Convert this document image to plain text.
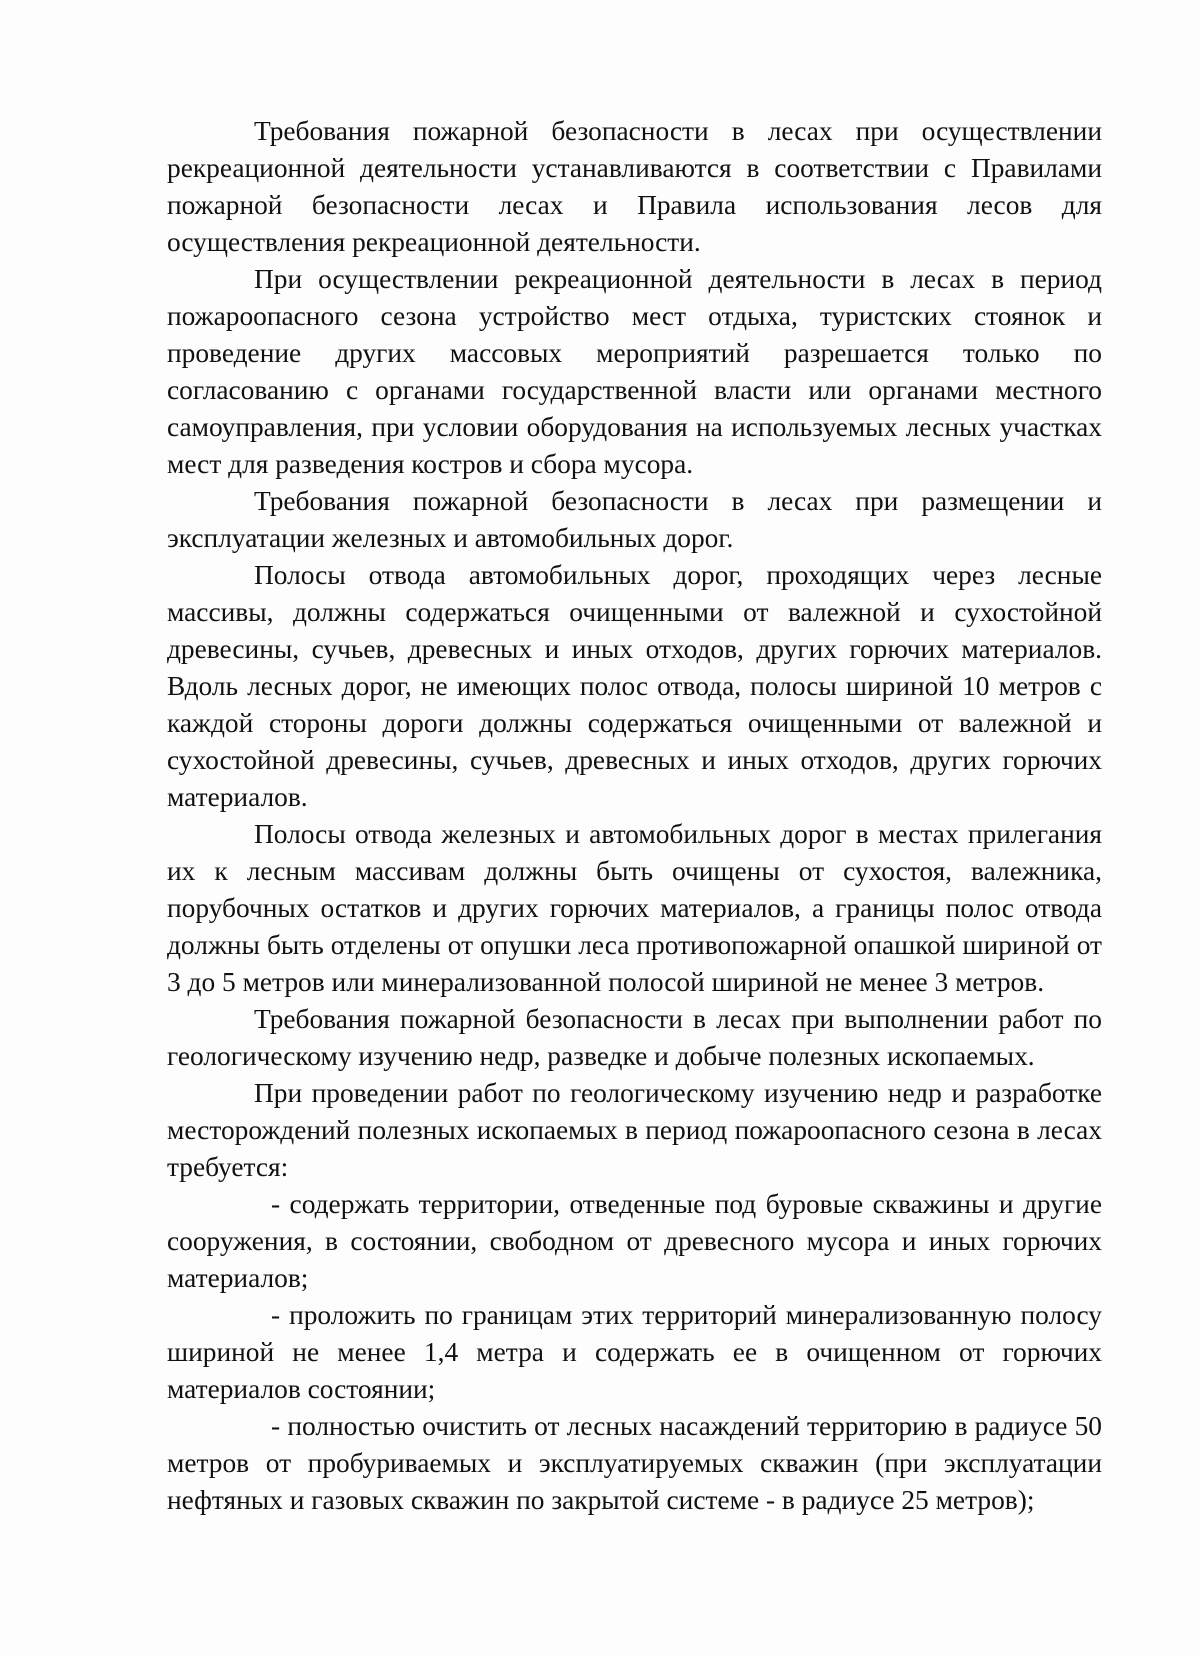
Требования пожарной безопасности в лесах при осуществлении рекреационной деятельности устанавливаются в соответствии с Правилами пожарной безопасности лесах и Правила использования лесов для осуществления рекреационной деятельности.

При осуществлении рекреационной деятельности в лесах в период пожароопасного сезона устройство мест отдыха, туристских стоянок и проведение других массовых мероприятий разрешается только по согласованию с органами государственной власти или органами местного самоуправления, при условии оборудования на используемых лесных участках мест для разведения костров и сбора мусора.

Требования пожарной безопасности в лесах при размещении и эксплуатации железных и автомобильных дорог.

Полосы отвода автомобильных дорог, проходящих через лесные массивы, должны содержаться очищенными от валежной и сухостойной древесины, сучьев, древесных и иных отходов, других горючих материалов. Вдоль лесных дорог, не имеющих полос отвода, полосы шириной 10 метров с каждой стороны дороги должны содержаться очищенными от валежной и сухостойной древесины, сучьев, древесных и иных отходов, других горючих материалов.

Полосы отвода железных и автомобильных дорог в местах прилегания их к лесным массивам должны быть очищены от сухостоя, валежника, порубочных остатков и других горючих материалов, а границы полос отвода должны быть отделены от опушки леса противопожарной опашкой шириной от 3 до 5 метров или минерализованной полосой шириной не менее 3 метров.

Требования пожарной безопасности в лесах при выполнении работ по геологическому изучению недр, разведке и добыче полезных ископаемых.

При проведении работ по геологическому изучению недр и разработке месторождений полезных ископаемых в период пожароопасного сезона в лесах требуется:

- содержать территории, отведенные под буровые скважины и другие сооружения, в состоянии, свободном от древесного мусора и иных горючих материалов;

- проложить по границам этих территорий минерализованную полосу шириной не менее 1,4 метра и содержать ее в очищенном от горючих материалов состоянии;

- полностью очистить от лесных насаждений территорию в радиусе 50 метров от пробуриваемых и эксплуатируемых скважин (при эксплуатации нефтяных и газовых скважин по закрытой системе - в радиусе 25 метров);
